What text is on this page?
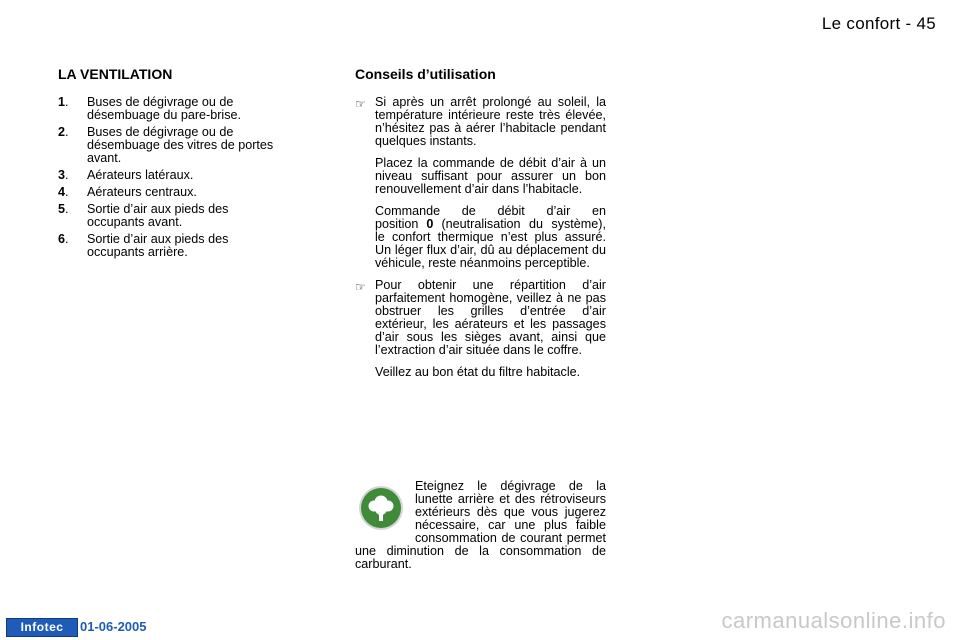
Le confort - 45
LA VENTILATION
1. Buses de dégivrage ou de désembuage du pare-brise.
2. Buses de dégivrage ou de désembuage des vitres de portes avant.
3. Aérateurs latéraux.
4. Aérateurs centraux.
5. Sortie d’air aux pieds des occupants avant.
6. Sortie d’air aux pieds des occupants arrière.
Conseils d’utilisation
☞ Si après un arrêt prolongé au soleil, la température intérieure reste très élevée, n’hésitez pas à aérer l’habitacle pendant quelques instants.

Placez la commande de débit d’air à un niveau suffisant pour assurer un bon renouvellement d’air dans l’habitacle.

Commande de débit d’air en position 0 (neutralisation du système), le confort thermique n’est plus assuré. Un léger flux d’air, dû au déplacement du véhicule, reste néanmoins perceptible.

☞ Pour obtenir une répartition d’air parfaitement homogène, veillez à ne pas obstruer les grilles d’entrée d’air extérieur, les aérateurs et les passages d’air sous les sièges avant, ainsi que l’extraction d’air située dans le coffre.

Veillez au bon état du filtre habitacle.

Eteignez le dégivrage de la lunette arrière et des rétroviseurs extérieurs dès que vous jugerez nécessaire, car une plus faible consommation de courant permet une diminution de la consommation de carburant.

Infotec	01-06-2005	carmanualsonline.info
